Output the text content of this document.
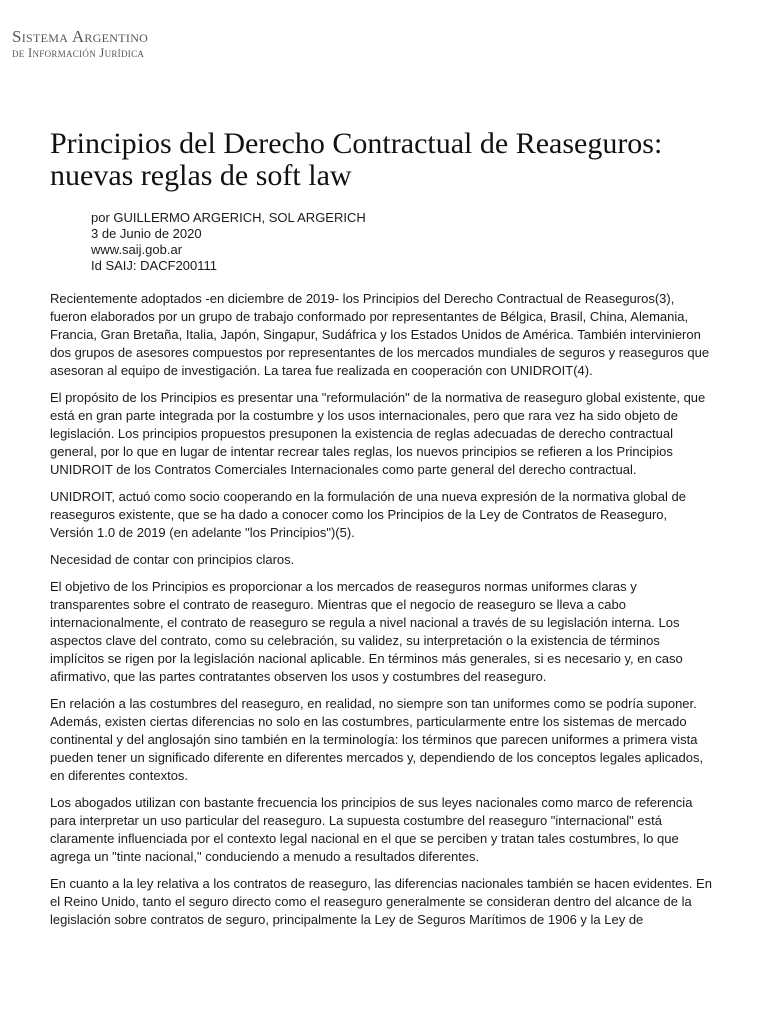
Sistema Argentino
de Información Jurídica
Principios del Derecho Contractual de Reaseguros: nuevas reglas de soft law
por GUILLERMO ARGERICH, SOL ARGERICH
3 de Junio de 2020
www.saij.gob.ar
Id SAIJ: DACF200111

Recientemente adoptados -en diciembre de 2019- los Principios del Derecho Contractual de Reaseguros(3), fueron elaborados por un grupo de trabajo conformado por representantes de Bélgica, Brasil, China, Alemania, Francia, Gran Bretaña, Italia, Japón, Singapur, Sudáfrica y los Estados Unidos de América. También intervinieron dos grupos de asesores compuestos por representantes de los mercados mundiales de seguros y reaseguros que asesoran al equipo de investigación. La tarea fue realizada en cooperación con UNIDROIT(4).

El propósito de los Principios es presentar una "reformulación" de la normativa de reaseguro global existente, que está en gran parte integrada por la costumbre y los usos internacionales, pero que rara vez ha sido objeto de legislación. Los principios propuestos presuponen la existencia de reglas adecuadas de derecho contractual general, por lo que en lugar de intentar recrear tales reglas, los nuevos principios se refieren a los Principios UNIDROIT de los Contratos Comerciales Internacionales como parte general del derecho contractual.

UNIDROIT, actuó como socio cooperando en la formulación de una nueva expresión de la normativa global de reaseguros existente, que se ha dado a conocer como los Principios de la Ley de Contratos de Reaseguro, Versión 1.0 de 2019 (en adelante "los Principios")(5).

Necesidad de contar con principios claros.

El objetivo de los Principios es proporcionar a los mercados de reaseguros normas uniformes claras y transparentes sobre el contrato de reaseguro. Mientras que el negocio de reaseguro se lleva a cabo internacionalmente, el contrato de reaseguro se regula a nivel nacional a través de su legislación interna. Los aspectos clave del contrato, como su celebración, su validez, su interpretación o la existencia de términos implícitos se rigen por la legislación nacional aplicable. En términos más generales, si es necesario y, en caso afirmativo, que las partes contratantes observen los usos y costumbres del reaseguro.

En relación a las costumbres del reaseguro, en realidad, no siempre son tan uniformes como se podría suponer. Además, existen ciertas diferencias no solo en las costumbres, particularmente entre los sistemas de mercado continental y del anglosajón sino también en la terminología: los términos que parecen uniformes a primera vista pueden tener un significado diferente en diferentes mercados y, dependiendo de los conceptos legales aplicados, en diferentes contextos.

Los abogados utilizan con bastante frecuencia los principios de sus leyes nacionales como marco de referencia para interpretar un uso particular del reaseguro. La supuesta costumbre del reaseguro "internacional" está claramente influenciada por el contexto legal nacional en el que se perciben y tratan tales costumbres, lo que agrega un "tinte nacional," conduciendo a menudo a resultados diferentes.

En cuanto a la ley relativa a los contratos de reaseguro, las diferencias nacionales también se hacen evidentes. En el Reino Unido, tanto el seguro directo como el reaseguro generalmente se consideran dentro del alcance de la legislación sobre contratos de seguro, principalmente la Ley de Seguros Marítimos de 1906 y la Ley de
